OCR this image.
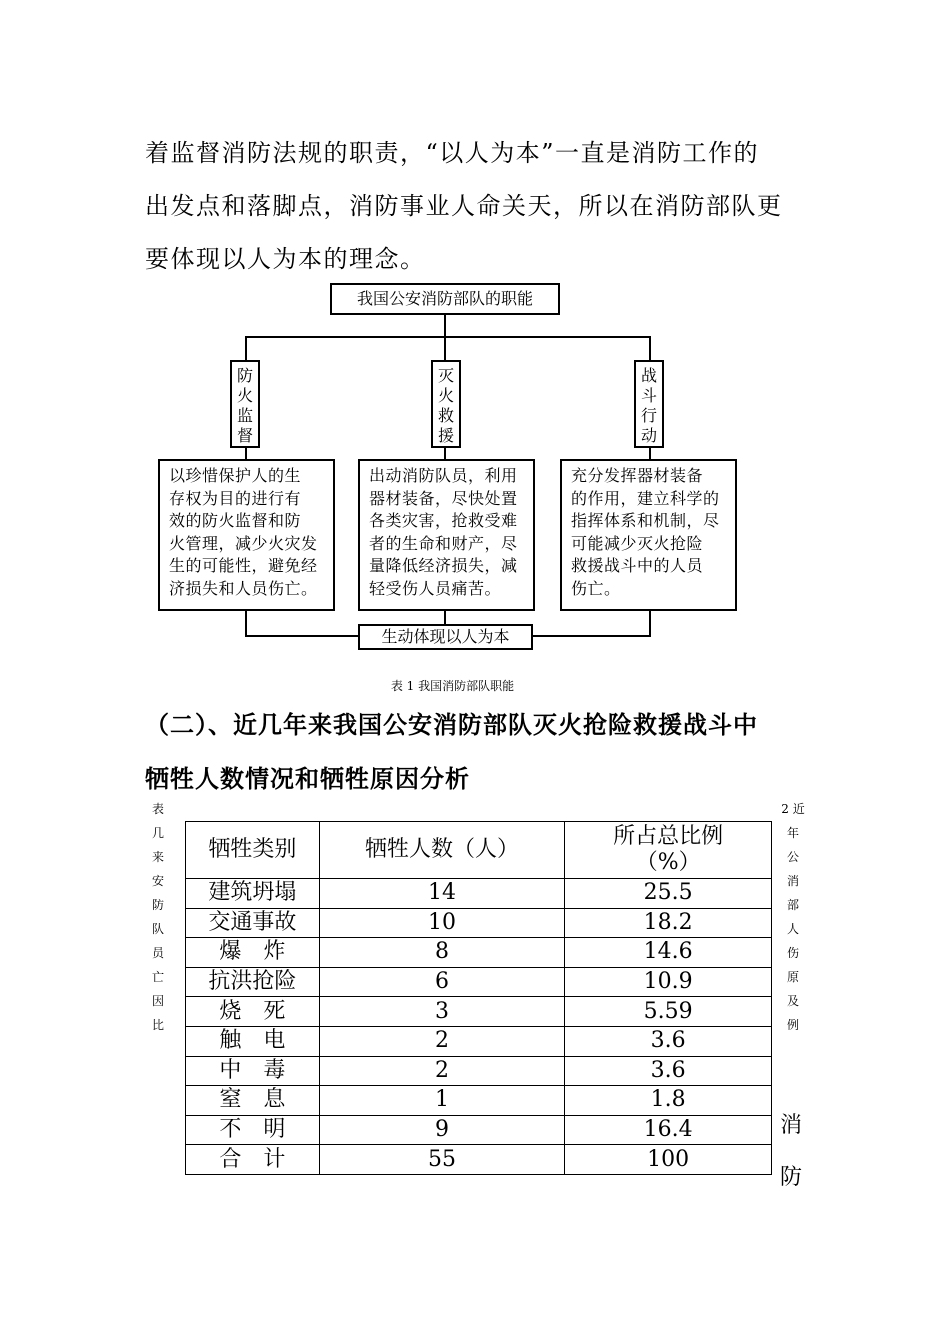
着监督消防法规的职责，“以人为本”一直是消防工作的
出发点和落脚点，消防事业人命关天，所以在消防部队更
要体现以人为本的理念。
我国公安消防部队的职能
防
火
监
督
灭
火
救
援
战
斗
行
动
以珍惜保护人的生
存权为目的进行有
效的防火监督和防
火管理，减少火灾发
生的可能性，避免经
济损失和人员伤亡。
出动消防队员，利用
器材装备，尽快处置
各类灾害，抢救受难
者的生命和财产，尽
量降低经济损失，减
轻受伤人员痛苦。
充分发挥器材装备
的作用，建立科学的
指挥体系和机制，尽
可能减少灭火抢险
救援战斗中的人员
伤亡。
生动体现以人为本
表 1 我国消防部队职能
（二）、近几年来我国公安消防部队灭火抢险救援战斗中
牺牲人数情况和牺牲原因分析
表
几
来
安
防
队
员
亡
因
比
2 近
年
公
消
部
人
伤
原
及
例
牺牲类别	牺牲人数（人）	所占总比例
（%）

建筑坍塌	14	25.5
交通事故	10	18.2
爆　炸	8	14.6
抗洪抢险	6	10.9
烧　死	3	5.59
触　电	2	3.6
中　毒	2	3.6
窒　息	1	1.8
不　明	9	16.4
合　计	55	100
消
防
